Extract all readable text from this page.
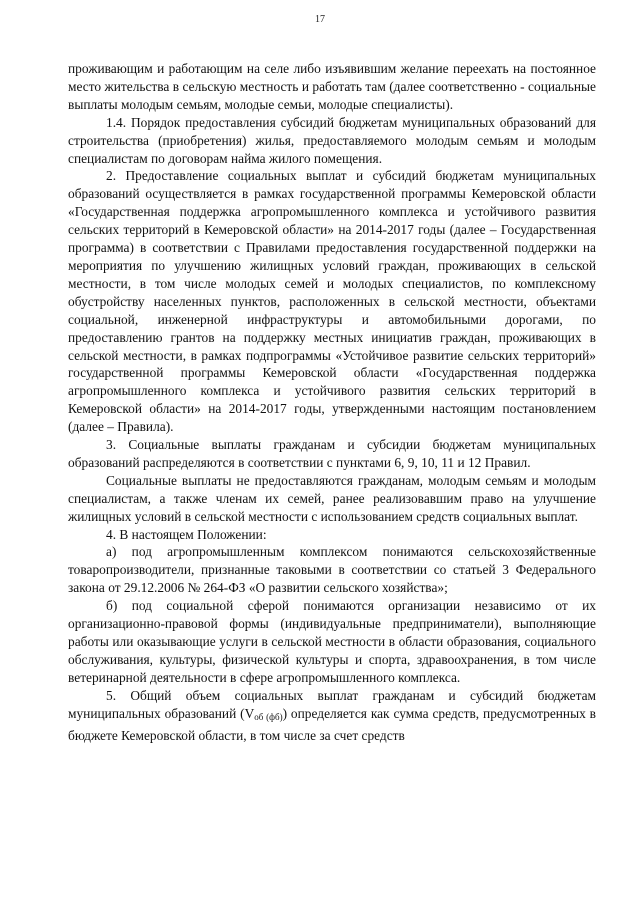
17

проживающим и работающим на селе либо изъявившим желание переехать на постоянное место жительства в сельскую местность и работать там (далее соответственно - социальные выплаты молодым семьям, молодые семьи, молодые специалисты).

1.4. Порядок предоставления субсидий бюджетам муниципальных образований для строительства (приобретения) жилья, предоставляемого молодым семьям и молодым специалистам по договорам найма жилого помещения.

2. Предоставление социальных выплат и субсидий бюджетам муниципальных образований осуществляется в рамках государственной программы Кемеровской области «Государственная поддержка агропромышленного комплекса и устойчивого развития сельских территорий в Кемеровской области» на 2014-2017 годы (далее – Государственная программа) в соответствии с Правилами предоставления государственной поддержки на мероприятия по улучшению жилищных условий граждан, проживающих в сельской местности, в том числе молодых семей и молодых специалистов, по комплексному обустройству населенных пунктов, расположенных в сельской местности, объектами социальной, инженерной инфраструктуры и автомобильными дорогами, по предоставлению грантов на поддержку местных инициатив граждан, проживающих в сельской местности, в рамках подпрограммы «Устойчивое развитие сельских территорий» государственной программы Кемеровской области «Государственная поддержка агропромышленного комплекса и устойчивого развития сельских территорий в Кемеровской области» на 2014-2017 годы, утвержденными настоящим постановлением (далее – Правила).

3. Социальные выплаты гражданам и субсидии бюджетам муниципальных образований распределяются в соответствии с пунктами 6, 9, 10, 11 и 12 Правил.

Социальные выплаты не предоставляются гражданам, молодым семьям и молодым специалистам, а также членам их семей, ранее реализовавшим право на улучшение жилищных условий в сельской местности с использованием средств социальных выплат.

4. В настоящем Положении:

а) под агропромышленным комплексом понимаются сельскохозяйственные товаропроизводители, признанные таковыми в соответствии со статьей 3 Федерального закона от 29.12.2006 № 264-ФЗ «О развитии сельского хозяйства»;

б) под социальной сферой понимаются организации независимо от их организационно-правовой формы (индивидуальные предприниматели), выполняющие работы или оказывающие услуги в сельской местности в области образования, социального обслуживания, культуры, физической культуры и спорта, здравоохранения, в том числе ветеринарной деятельности в сфере агропромышленного комплекса.

5. Общий объем социальных выплат гражданам и субсидий бюджетам муниципальных образований (Vоб (фб)) определяется как сумма средств, предусмотренных в бюджете Кемеровской области, в том числе за счет средств
